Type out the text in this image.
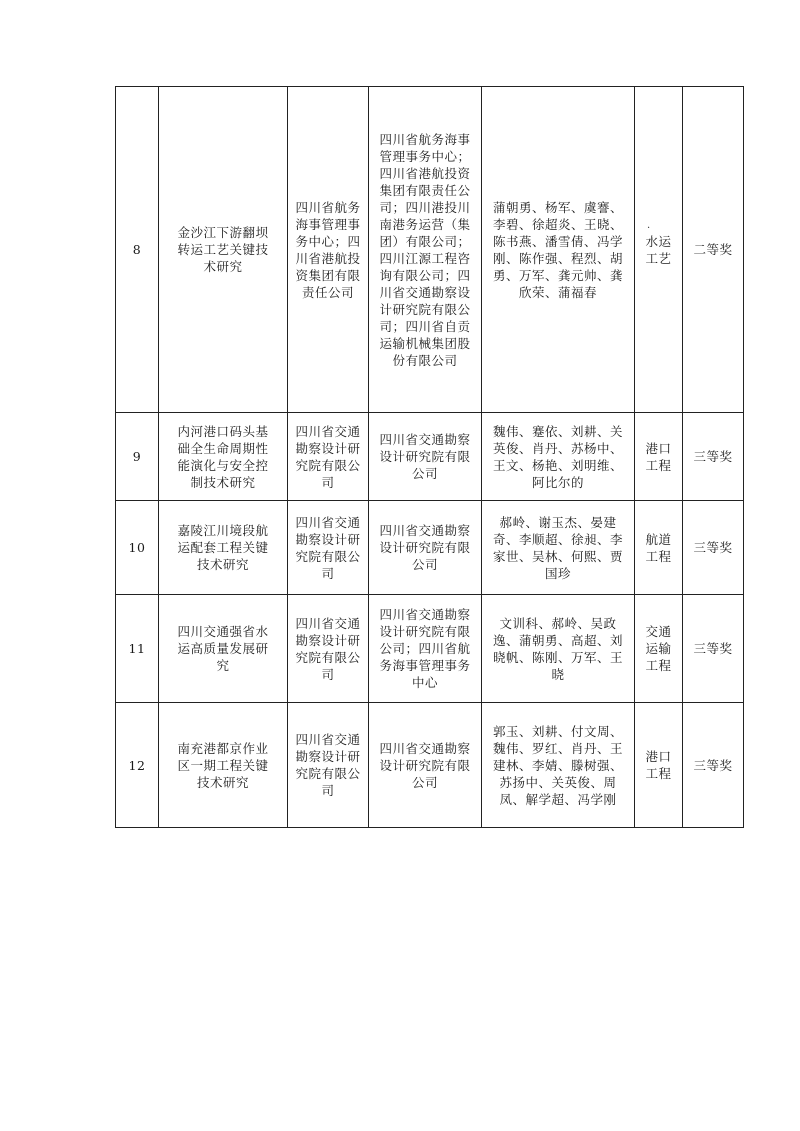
.
8	金沙江下游翻坝转运工艺关键技术研究	四川省航务海事管理事务中心；四川省港航投资集团有限责任公司	四川省航务海事管理事务中心；四川省港航投资集团有限责任公司；四川港投川南港务运营（集团）有限公司；四川江源工程咨询有限公司；四川省交通勘察设计研究院有限公司；四川省自贡运输机械集团股份有限公司	蒲朝勇、杨军、虞謇、李碧、徐超炎、王晓、陈书燕、潘雪倩、冯学刚、陈作强、程烈、胡勇、万军、龚元帅、龚欣荣、蒲福春	水运工艺	二等奖
9	内河港口码头基础全生命周期性能演化与安全控制技术研究	四川省交通勘察设计研究院有限公司	四川省交通勘察设计研究院有限公司	魏伟、蹇依、刘耕、关英俊、肖丹、苏杨中、王文、杨艳、刘明维、阿比尔的	港口工程	三等奖
10	嘉陵江川境段航运配套工程关键技术研究	四川省交通勘察设计研究院有限公司	四川省交通勘察设计研究院有限公司	郝岭、谢玉杰、晏建奇、李顺超、徐昶、李家世、吴林、何熙、贾国珍	航道工程	三等奖
11	四川交通强省水运高质量发展研究	四川省交通勘察设计研究院有限公司	四川省交通勘察设计研究院有限公司；四川省航务海事管理事务中心	文训科、郝岭、吴政逸、蒲朝勇、高超、刘晓帆、陈刚、万军、王晓	交通运输工程	三等奖
12	南充港都京作业区一期工程关键技术研究	四川省交通勘察设计研究院有限公司	四川省交通勘察设计研究院有限公司	郭玉、刘耕、付文周、魏伟、罗红、肖丹、王建林、李婧、滕树强、苏扬中、关英俊、周凤、解学超、冯学刚	港口工程	三等奖
